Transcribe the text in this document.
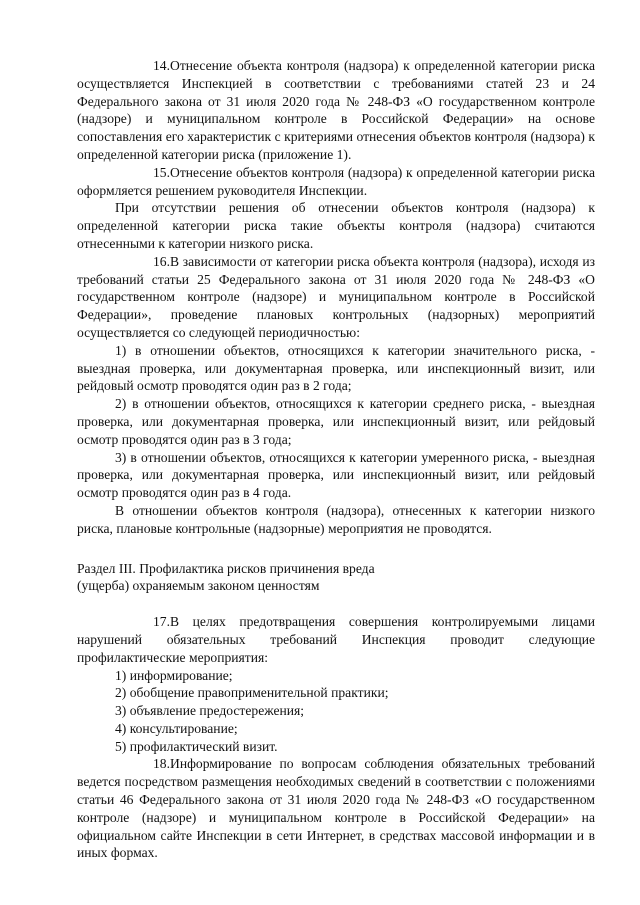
14.Отнесение объекта контроля (надзора) к определенной категории риска осуществляется Инспекцией в соответствии с требованиями статей 23 и 24 Федерального закона от 31 июля 2020 года № 248-ФЗ «О государственном контроле (надзоре) и муниципальном контроле в Российской Федерации» на основе сопоставления его характеристик с критериями отнесения объектов контроля (надзора) к определенной категории риска (приложение 1).

15.Отнесение объектов контроля (надзора) к определенной категории риска оформляется решением руководителя Инспекции.

При отсутствии решения об отнесении объектов контроля (надзора) к определенной категории риска такие объекты контроля (надзора) считаются отнесенными к категории низкого риска.

16.В зависимости от категории риска объекта контроля (надзора), исходя из требований статьи 25 Федерального закона от 31 июля 2020 года № 248-ФЗ «О государственном контроле (надзоре) и муниципальном контроле в Российской Федерации», проведение плановых контрольных (надзорных) мероприятий осуществляется со следующей периодичностью:

1) в отношении объектов, относящихся к категории значительного риска, - выездная проверка, или документарная проверка, или инспекционный визит, или рейдовый осмотр проводятся один раз в 2 года;

2) в отношении объектов, относящихся к категории среднего риска, - выездная проверка, или документарная проверка, или инспекционный визит, или рейдовый осмотр проводятся один раз в 3 года;

3) в отношении объектов, относящихся к категории умеренного риска, - выездная проверка, или документарная проверка, или инспекционный визит, или рейдовый осмотр проводятся один раз в 4 года.

В отношении объектов контроля (надзора), отнесенных к категории низкого риска, плановые контрольные (надзорные) мероприятия не проводятся.

Раздел III. Профилактика рисков причинения вреда
(ущерба) охраняемым законом ценностям

17.В целях предотвращения совершения контролируемыми лицами нарушений обязательных требований Инспекция проводит следующие профилактические мероприятия:

1) информирование;

2) обобщение правоприменительной практики;

3) объявление предостережения;

4) консультирование;

5) профилактический визит.

18.Информирование по вопросам соблюдения обязательных требований ведется посредством размещения необходимых сведений в соответствии с положениями статьи 46 Федерального закона от 31 июля 2020 года № 248-ФЗ «О государственном контроле (надзоре) и муниципальном контроле в Российской Федерации» на официальном сайте Инспекции в сети Интернет, в средствах массовой информации и в иных формах.
